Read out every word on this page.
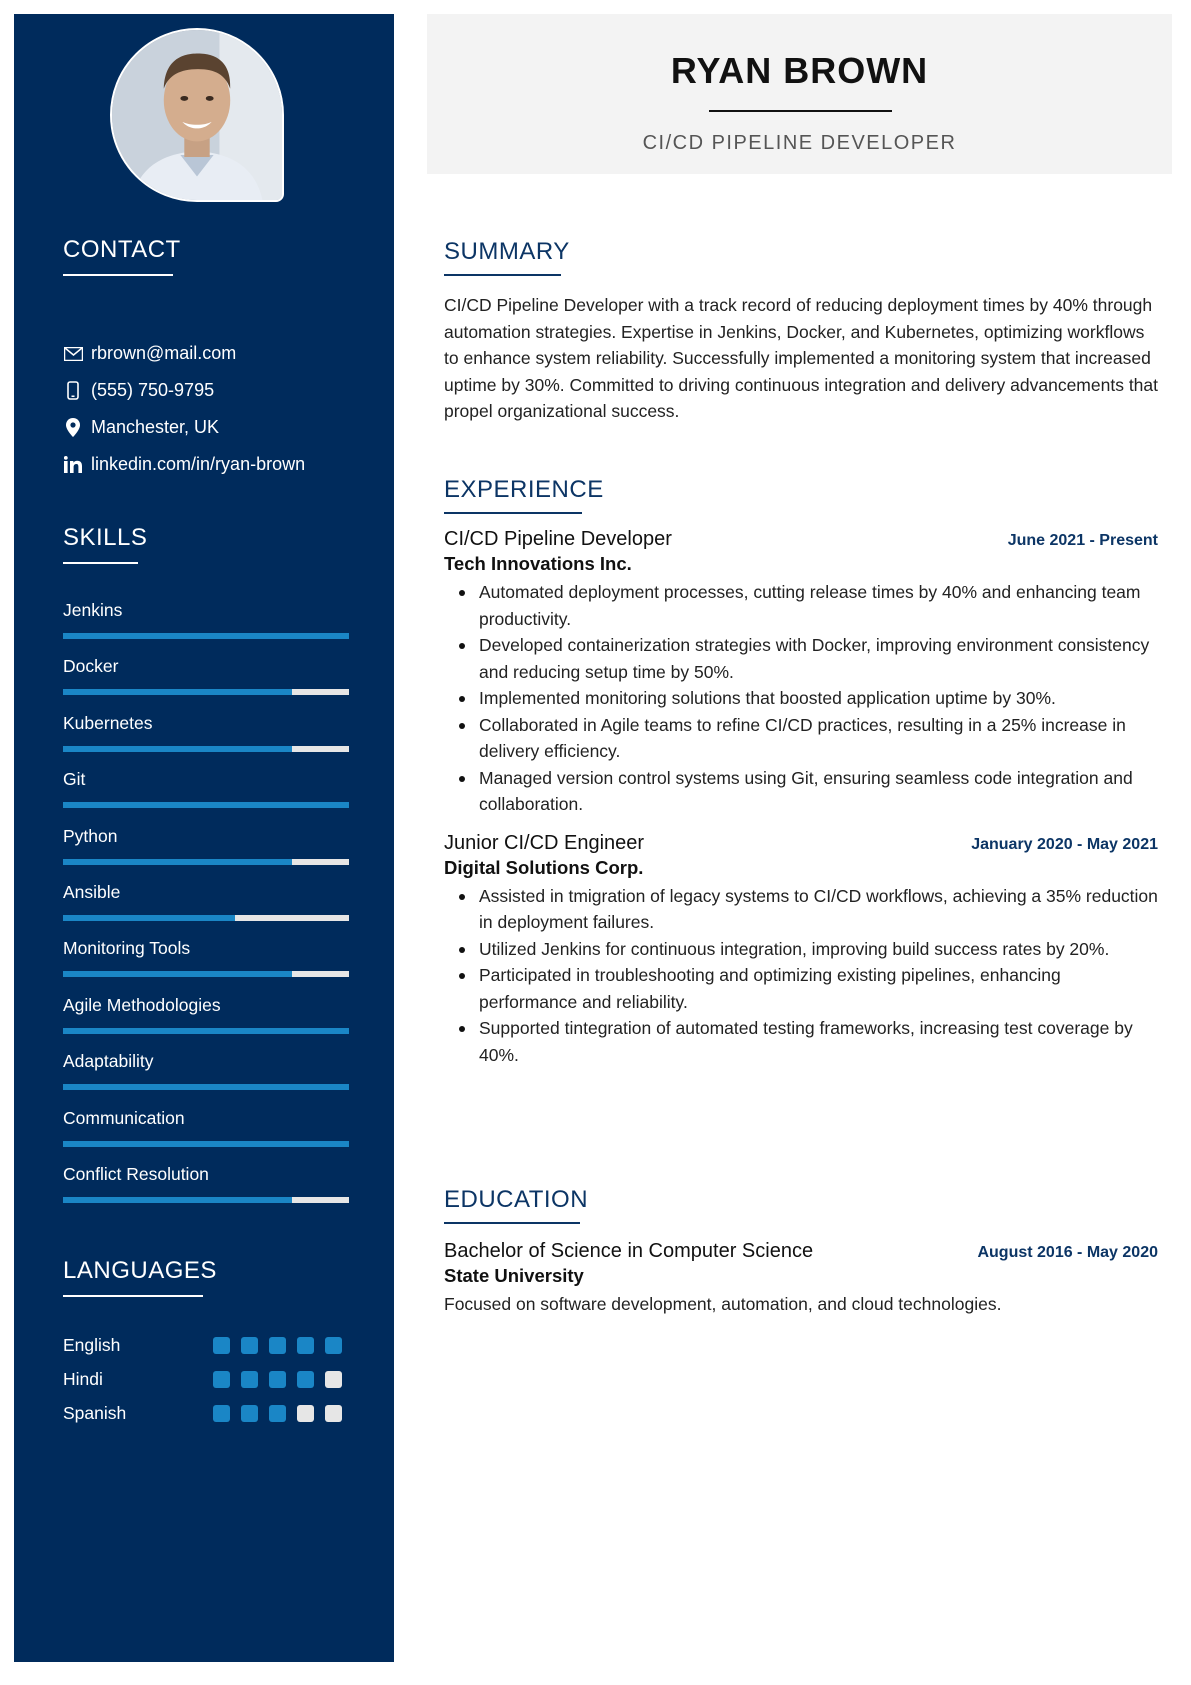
CONTACT
rbrown@mail.com
(555) 750-9795
Manchester, UK
linkedin.com/in/ryan-brown
SKILLS
Jenkins
Docker
Kubernetes
Git
Python
Ansible
Monitoring Tools
Agile Methodologies
Adaptability
Communication
Conflict Resolution
LANGUAGES
English
Hindi
Spanish
RYAN BROWN
CI/CD PIPELINE DEVELOPER
SUMMARY

CI/CD Pipeline Developer with a track record of reducing deployment times by 40% through automation strategies. Expertise in Jenkins, Docker, and Kubernetes, optimizing workflows to enhance system reliability. Successfully implemented a monitoring system that increased uptime by 30%. Committed to driving continuous integration and delivery advancements that propel organizational success.

EXPERIENCE
CI/CD Pipeline Developer	June 2021 - Present
Tech Innovations Inc.
Automated deployment processes, cutting release times by 40% and enhancing team productivity.
Developed containerization strategies with Docker, improving environment consistency and reducing setup time by 50%.
Implemented monitoring solutions that boosted application uptime by 30%.
Collaborated in Agile teams to refine CI/CD practices, resulting in a 25% increase in delivery efficiency.
Managed version control systems using Git, ensuring seamless code integration and collaboration.
Junior CI/CD Engineer	January 2020 - May 2021
Digital Solutions Corp.
Assisted in tmigration of legacy systems to CI/CD workflows, achieving a 35% reduction in deployment failures.
Utilized Jenkins for continuous integration, improving build success rates by 20%.
Participated in troubleshooting and optimizing existing pipelines, enhancing performance and reliability.
Supported tintegration of automated testing frameworks, increasing test coverage by 40%.
EDUCATION
Bachelor of Science in Computer Science	August 2016 - May 2020
State University

Focused on software development, automation, and cloud technologies.
